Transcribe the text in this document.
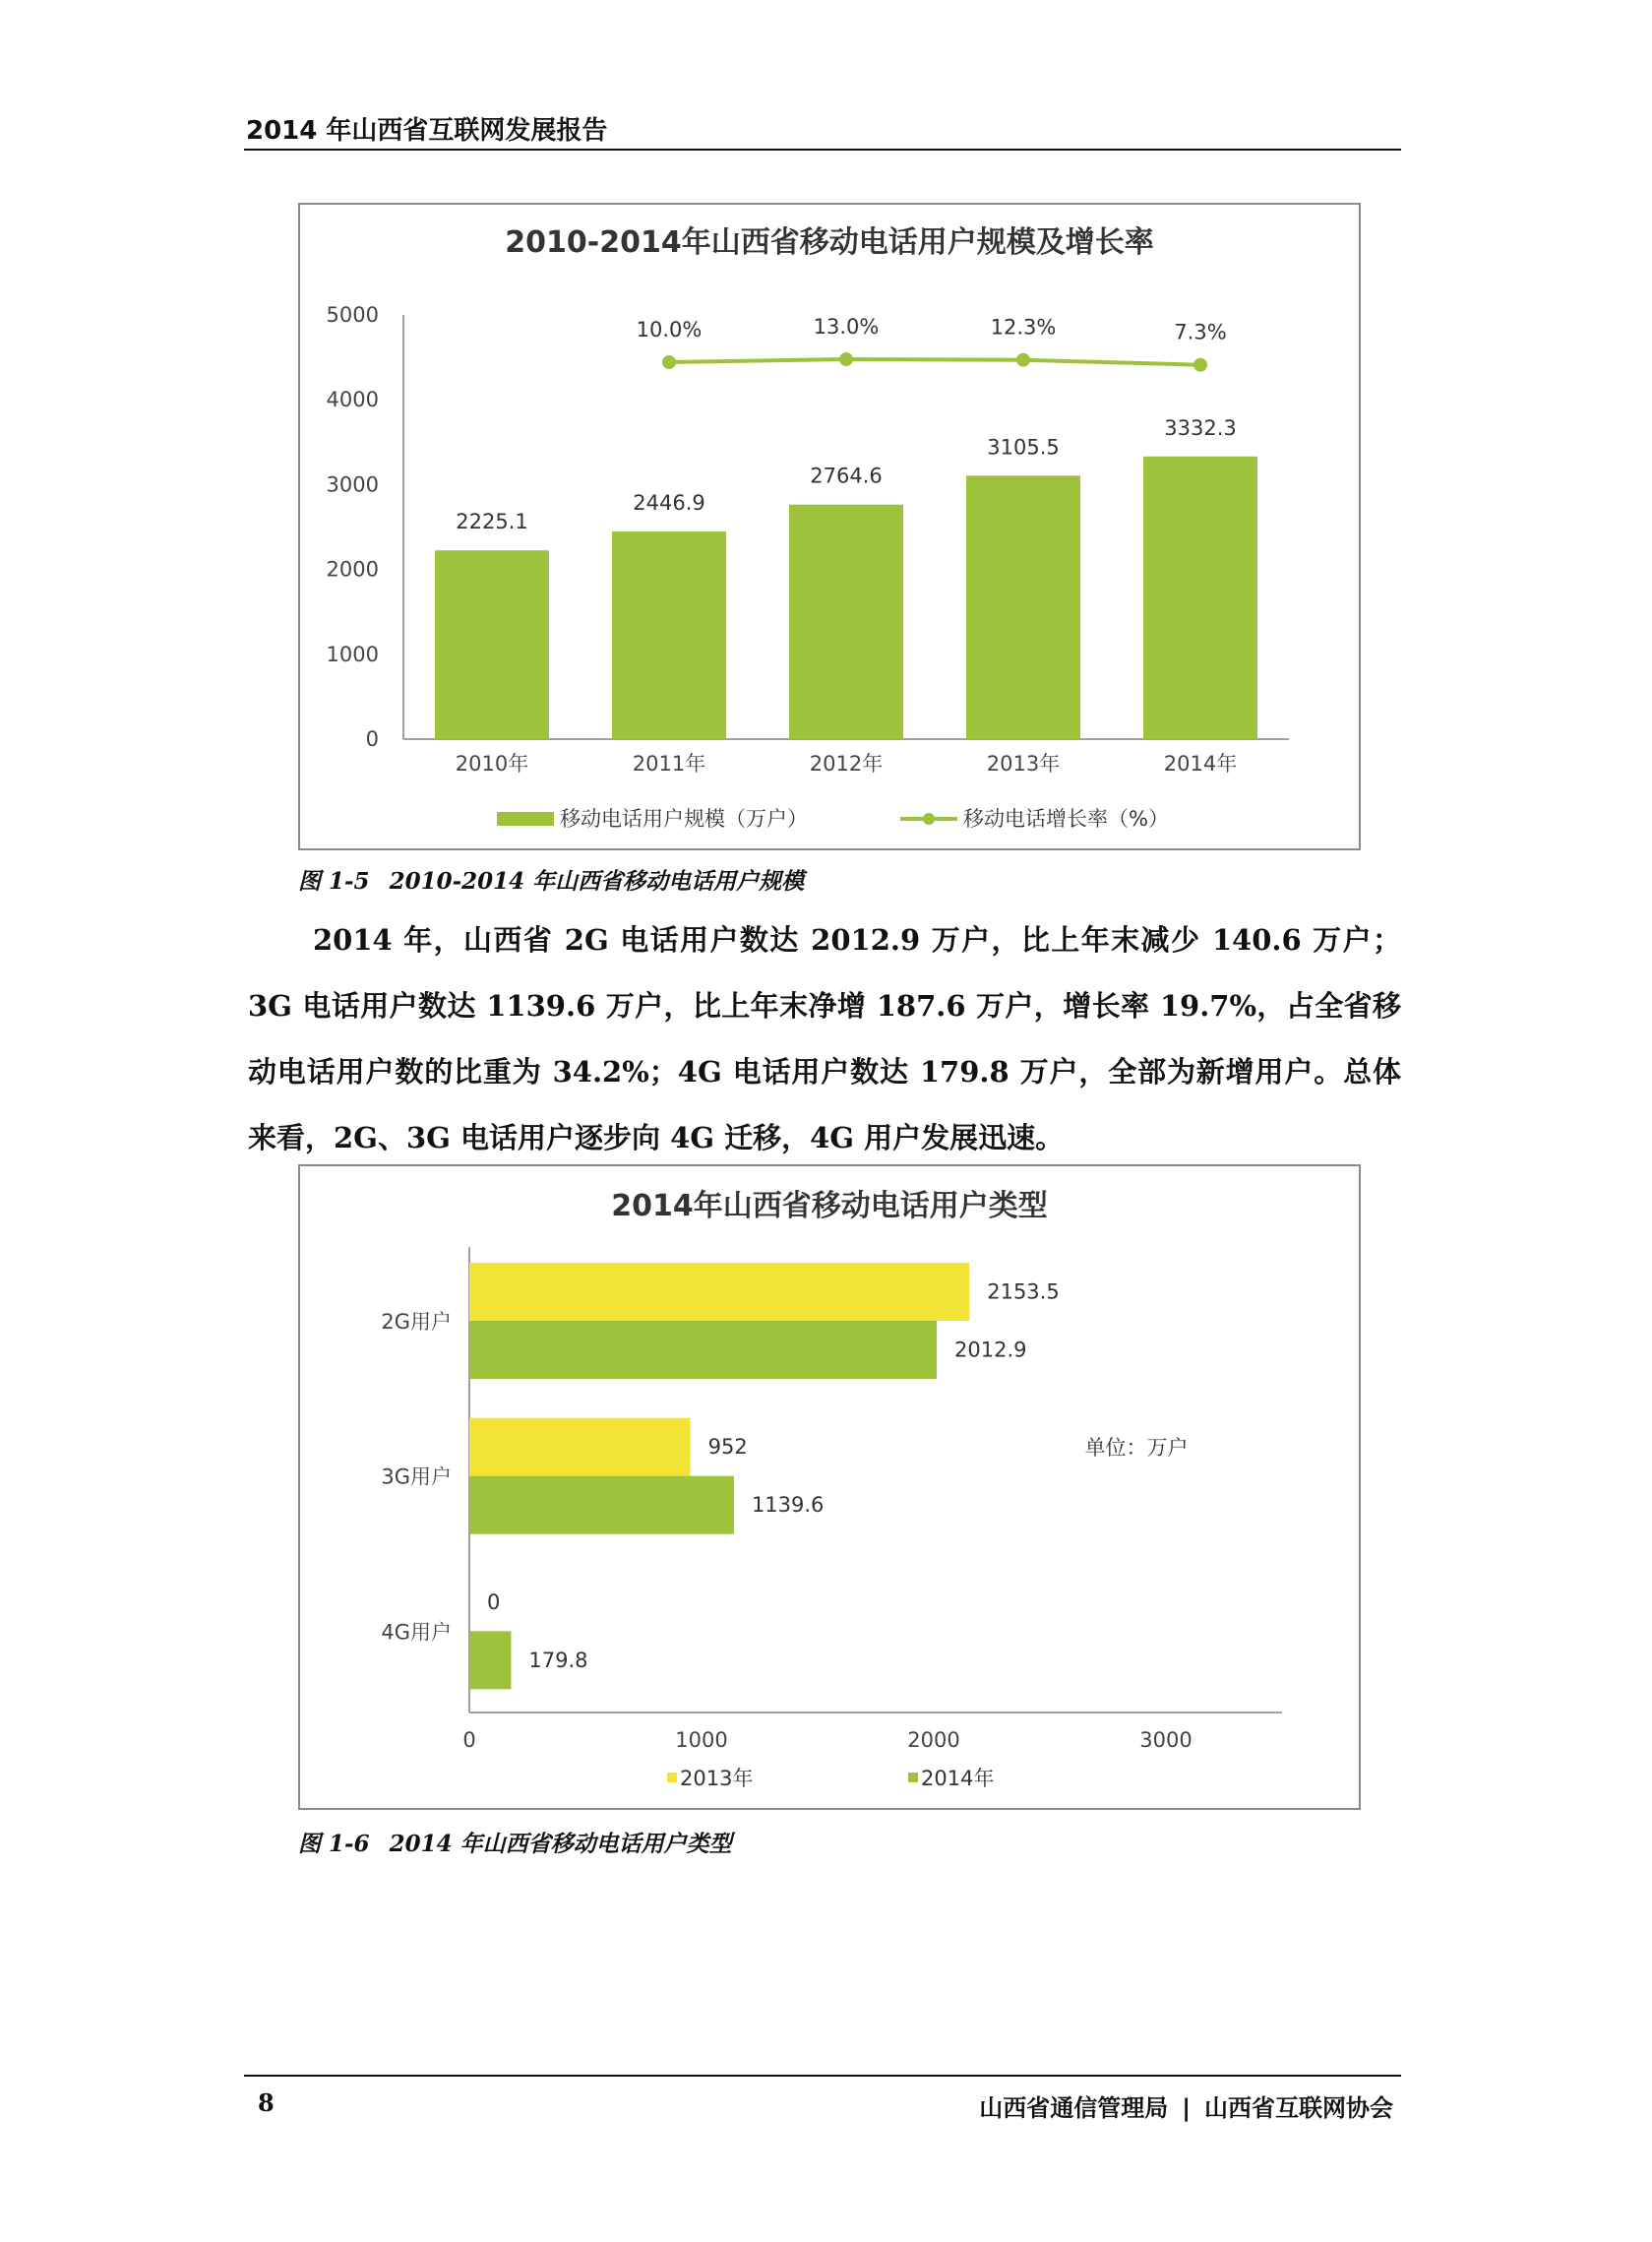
2014 年山西省互联网发展报告
2010-2014年山西省移动电话用户规模及增长率
0
1000
2000
3000
4000
5000
2225.1
2010年
2446.9
2011年
2764.6
2012年
3105.5
2013年
3332.3
2014年
10.0%	13.0%	12.3%	7.3%
移动电话用户规模（万户）	移动电话增长率（%）
图 1-5 2010-2014 年山西省移动电话用户规模
2014 年，山西省 2G 电话用户数达 2012.9 万户，比上年末减少 140.6 万户；3G 电话用户数达 1139.6 万户，比上年末净增 187.6 万户，增长率 19.7%，占全省移动电话用户数的比重为 34.2%；4G 电话用户数达 179.8 万户，全部为新增用户。总体来看，2G、3G 电话用户逐步向 4G 迁移，4G 用户发展迅速。
2014年山西省移动电话用户类型
0	1000	2000	3000
2G用户
2153.5
2012.9
3G用户
952
1139.6
4G用户
0
179.8
单位：万户
2013年	2014年
图 1-6 2014 年山西省移动电话用户类型
8	山西省通信管理局 | 山西省互联网协会
